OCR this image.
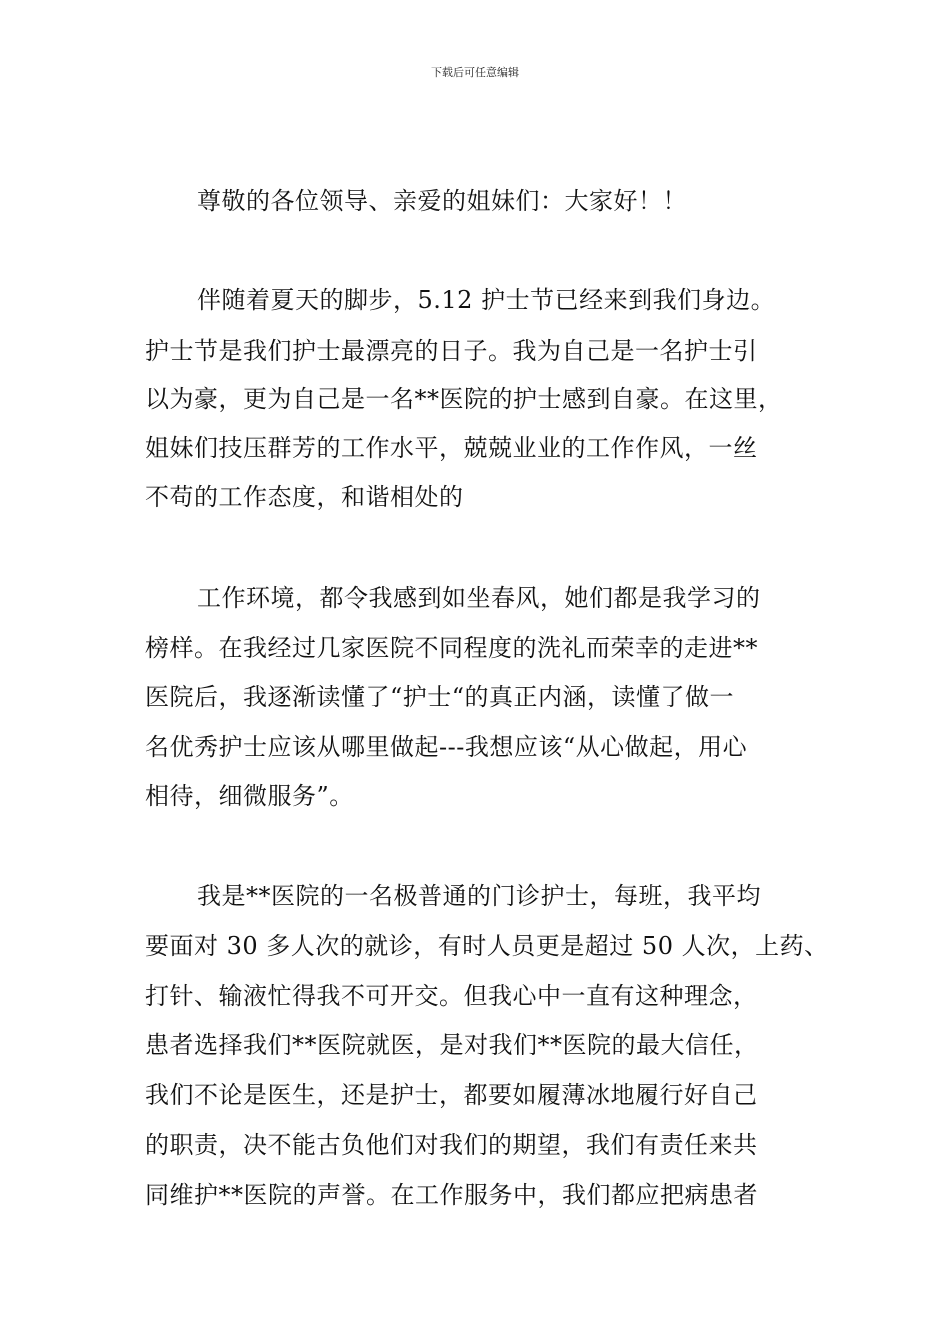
下载后可任意编辑
尊敬的各位领导、亲爱的姐妹们：大家好！！
伴随着夏天的脚步，5.12 护士节已经来到我们身边。
护士节是我们护士最漂亮的日子。我为自己是一名护士引
以为豪，更为自己是一名**医院的护士感到自豪。在这里，
姐妹们技压群芳的工作水平，兢兢业业的工作作风，一丝
不苟的工作态度，和谐相处的
工作环境，都令我感到如坐春风，她们都是我学习的
榜样。在我经过几家医院不同程度的洗礼而荣幸的走进**
医院后，我逐渐读懂了“护士“的真正内涵，读懂了做一
名优秀护士应该从哪里做起---我想应该“从心做起，用心
相待，细微服务”。
我是**医院的一名极普通的门诊护士，每班，我平均
要面对 30 多人次的就诊，有时人员更是超过 50 人次，上药、
打针、输液忙得我不可开交。但我心中一直有这种理念，
患者选择我们**医院就医，是对我们**医院的最大信任，
我们不论是医生，还是护士，都要如履薄冰地履行好自己
的职责，决不能古负他们对我们的期望，我们有责任来共
同维护**医院的声誉。在工作服务中，我们都应把病患者
